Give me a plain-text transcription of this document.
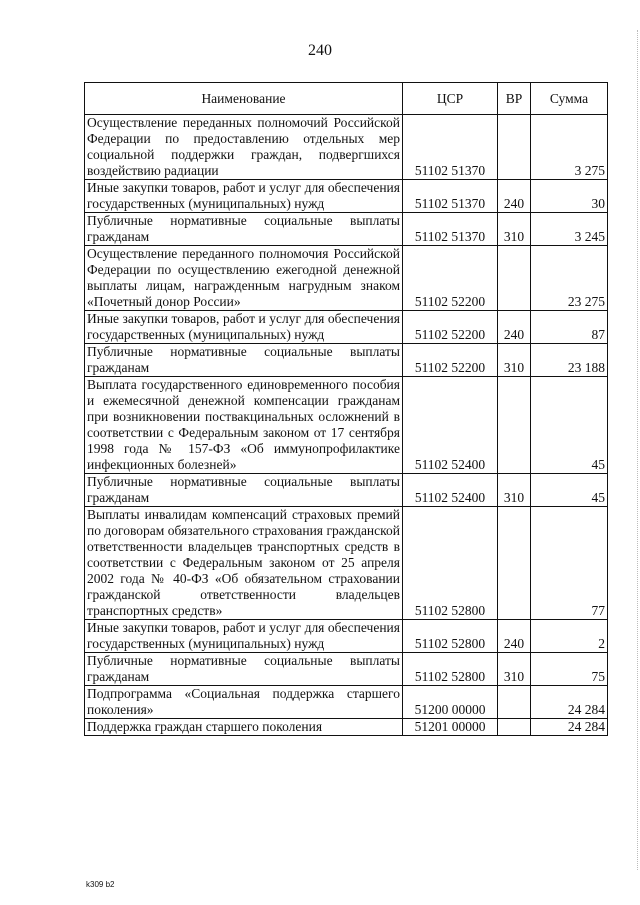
240
Наименование	ЦСР	ВР	Сумма
Осуществление переданных полномочий Российской Федерации по предоставлению отдельных мер социальной поддержки граждан, подвергшихся воздействию радиации	51102 51370		3 275
Иные закупки товаров, работ и услуг для обеспечения государственных (муниципальных) нужд	51102 51370	240	30
Публичные нормативные социальные выплаты гражданам	51102 51370	310	3 245
Осуществление переданного полномочия Российской Федерации по осуществлению ежегодной денежной выплаты лицам, награжденным нагрудным знаком «Почетный донор России»	51102 52200		23 275
Иные закупки товаров, работ и услуг для обеспечения государственных (муниципальных) нужд	51102 52200	240	87
Публичные нормативные социальные выплаты гражданам	51102 52200	310	23 188
Выплата государственного единовременного пособия и ежемесячной денежной компенсации гражданам при возникновении поствакцинальных осложнений в соответствии с Федеральным законом от 17 сентября 1998 года № 157-ФЗ «Об иммунопрофилактике инфекционных болезней»	51102 52400		45
Публичные нормативные социальные выплаты гражданам	51102 52400	310	45
Выплаты инвалидам компенсаций страховых премий по договорам обязательного страхования гражданской ответственности владельцев транспортных средств в соответствии с Федеральным законом от 25 апреля 2002 года № 40-ФЗ «Об обязательном страховании гражданской ответственности владельцев транспортных средств»	51102 52800		77
Иные закупки товаров, работ и услуг для обеспечения государственных (муниципальных) нужд	51102 52800	240	2
Публичные нормативные социальные выплаты гражданам	51102 52800	310	75
Подпрограмма «Социальная поддержка старшего поколения»	51200 00000		24 284
Поддержка граждан старшего поколения	51201 00000		24 284
k309 b2
